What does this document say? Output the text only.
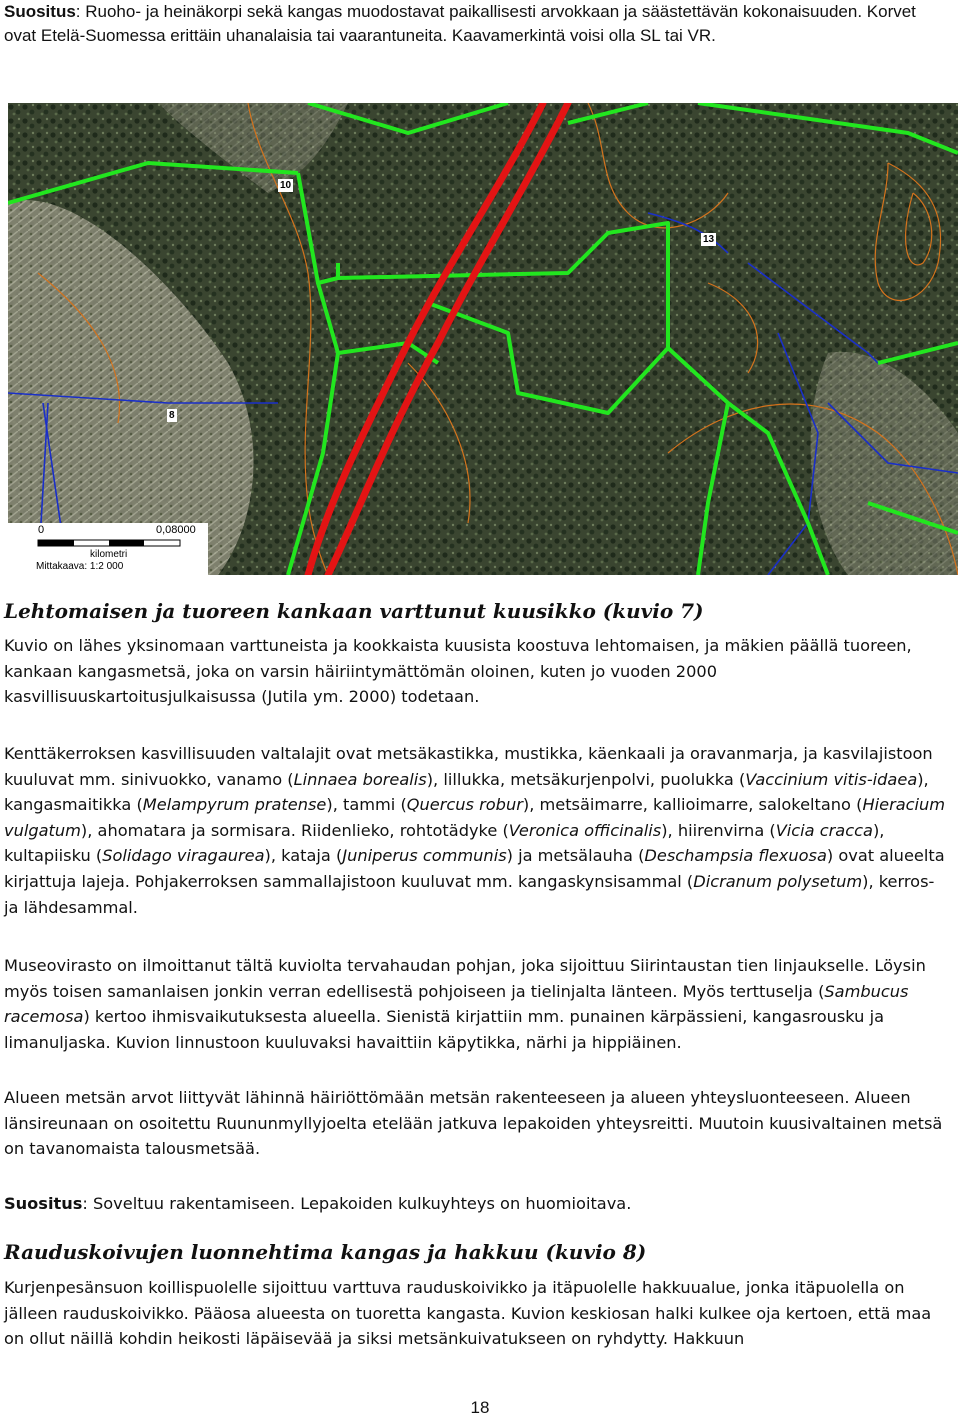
Suositus: Ruoho- ja heinäkorpi sekä kangas muodostavat paikallisesti arvokkaan ja säästettävän kokonaisuuden. Korvet ovat Etelä-Suomessa erittäin uhanalaisia tai vaarantuneita. Kaavamerkintä voisi olla SL tai VR.

10
13
8
0	0,08000
kilometri
Mittakaava: 1:2 000
Lehtomaisen ja tuoreen kankaan varttunut kuusikko (kuvio 7)

Kuvio on lähes yksinomaan varttuneista ja kookkaista kuusista koostuva lehtomaisen, ja mäkien päällä tuoreen, kankaan kangasmetsä, joka on varsin häiriintymättömän oloinen, kuten jo vuoden 2000 kasvillisuuskartoitusjulkaisussa (Jutila ym. 2000) todetaan.

Kenttäkerroksen kasvillisuuden valtalajit ovat metsäkastikka, mustikka, käenkaali ja oravanmarja, ja kasvilajistoon kuuluvat mm. sinivuokko, vanamo (Linnaea borealis), lillukka, metsäkurjenpolvi, puolukka (Vaccinium vitis-idaea), kangasmaitikka (Melampyrum pratense), tammi (Quercus robur), metsäimarre, kallioimarre, salokeltano (Hieracium vulgatum), ahomatara ja sormisara. Riidenlieko, rohtotädyke (Veronica officinalis), hiirenvirna (Vicia cracca), kultapiisku (Solidago viragaurea), kataja (Juniperus communis) ja metsälauha (Deschampsia flexuosa) ovat alueelta kirjattuja lajeja. Pohjakerroksen sammallajistoon kuuluvat mm. kangaskynsisammal (Dicranum polysetum), kerros- ja lähdesammal.

Museovirasto on ilmoittanut tältä kuviolta tervahaudan pohjan, joka sijoittuu Siirintaustan tien linjaukselle. Löysin myös toisen samanlaisen jonkin verran edellisestä pohjoiseen ja tielinjalta länteen. Myös terttuselja (Sambucus racemosa) kertoo ihmisvaikutuksesta alueella. Sienistä kirjattiin mm. punainen kärpässieni, kangasrousku ja limanuljaska. Kuvion linnustoon kuuluvaksi havaittiin käpytikka, närhi ja hippiäinen.

Alueen metsän arvot liittyvät lähinnä häiriöttömään metsän rakenteeseen ja alueen yhteysluonteeseen. Alueen länsireunaan on osoitettu Ruununmyllyjoelta etelään jatkuva lepakoiden yhteysreitti. Muutoin kuusivaltainen metsä on tavanomaista talousmetsää.

Suositus: Soveltuu rakentamiseen. Lepakoiden kulkuyhteys on huomioitava.

Rauduskoivujen luonnehtima kangas ja hakkuu (kuvio 8)

Kurjenpesänsuon koillispuolelle sijoittuu varttuva rauduskoivikko ja itäpuolelle hakkuualue, jonka itäpuolella on jälleen rauduskoivikko. Pääosa alueesta on tuoretta kangasta. Kuvion keskiosan halki kulkee oja kertoen, että maa on ollut näillä kohdin heikosti läpäisevää ja siksi metsänkuivatukseen on ryhdytty. Hakkuun

18
